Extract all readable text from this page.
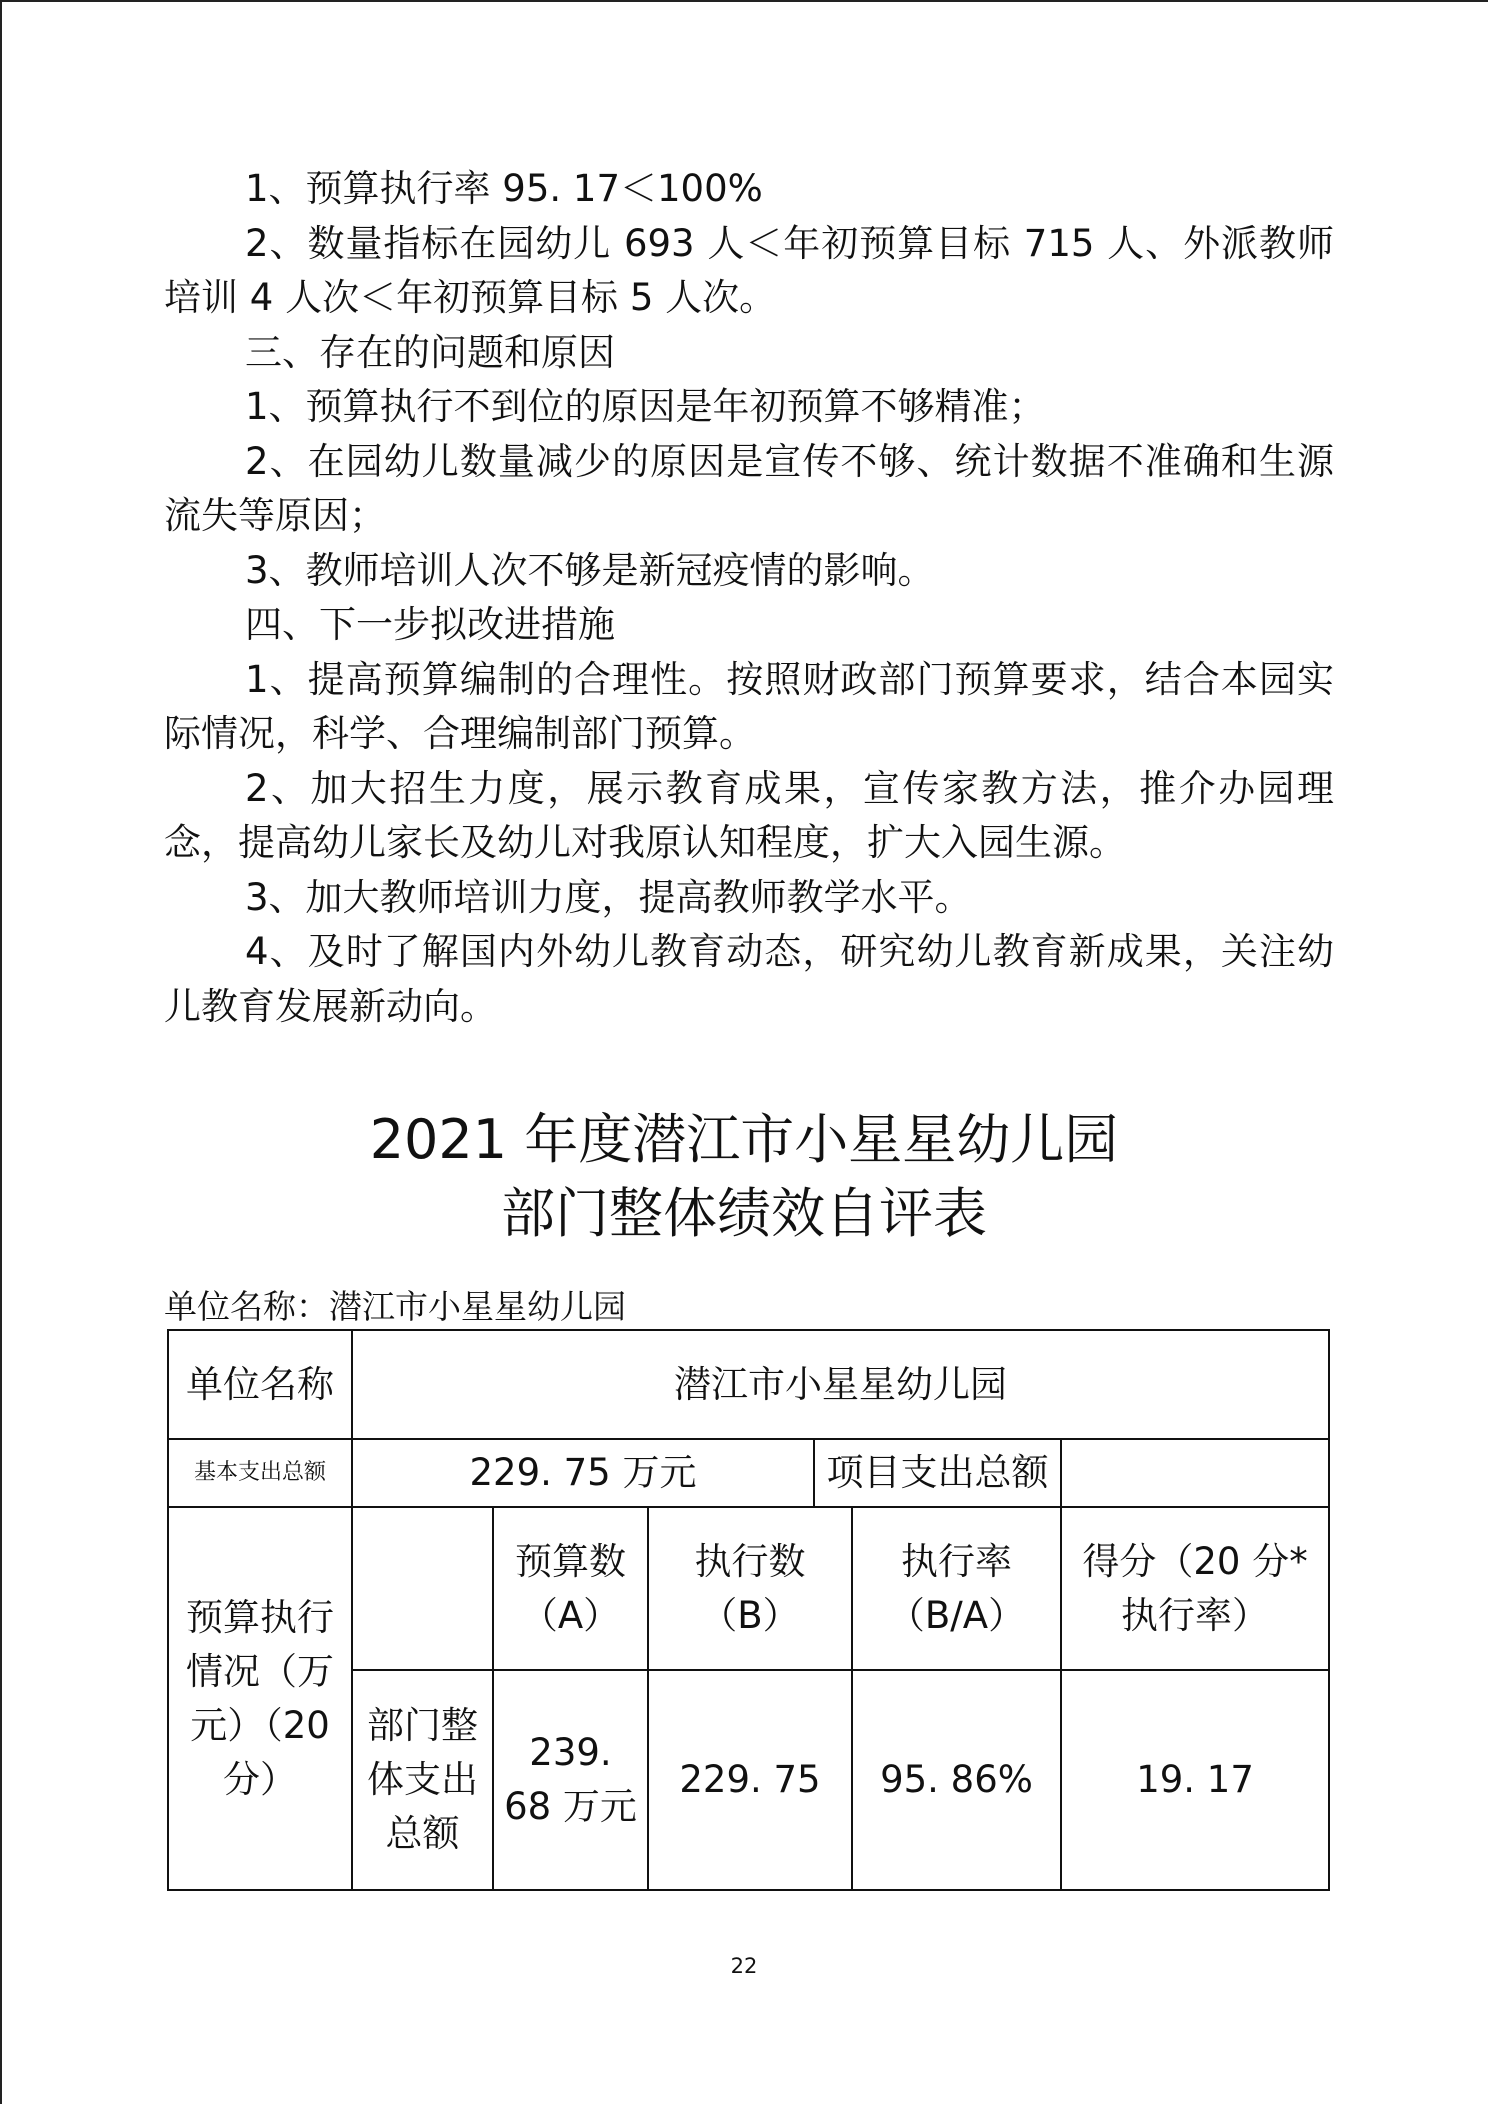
1、预算执行率 95. 17＜100%

2、数量指标在园幼儿 693 人＜年初预算目标 715 人、外派教师培训 4 人次＜年初预算目标 5 人次。

三、存在的问题和原因

1、预算执行不到位的原因是年初预算不够精准；

2、在园幼儿数量减少的原因是宣传不够、统计数据不准确和生源流失等原因；

3、教师培训人次不够是新冠疫情的影响。

四、下一步拟改进措施

1、提高预算编制的合理性。按照财政部门预算要求，结合本园实际情况，科学、合理编制部门预算。

2、加大招生力度，展示教育成果，宣传家教方法，推介办园理念，提高幼儿家长及幼儿对我原认知程度，扩大入园生源。

3、加大教师培训力度，提高教师教学水平。

4、及时了解国内外幼儿教育动态，研究幼儿教育新成果，关注幼儿教育发展新动向。

2021 年度潜江市小星星幼儿园
部门整体绩效自评表
单位名称：潜江市小星星幼儿园
单位名称	潜江市小星星幼儿园					
基本支出总额	229. 75 万元			项目支出总额		
预算执行情况（万元）（20 分）		预算数（A）	执行数（B）		执行率（B/A）	得分（20 分*执行率）
	部门整体支出总额	239. 68 万元	229. 75		95. 86%	19. 17
22
